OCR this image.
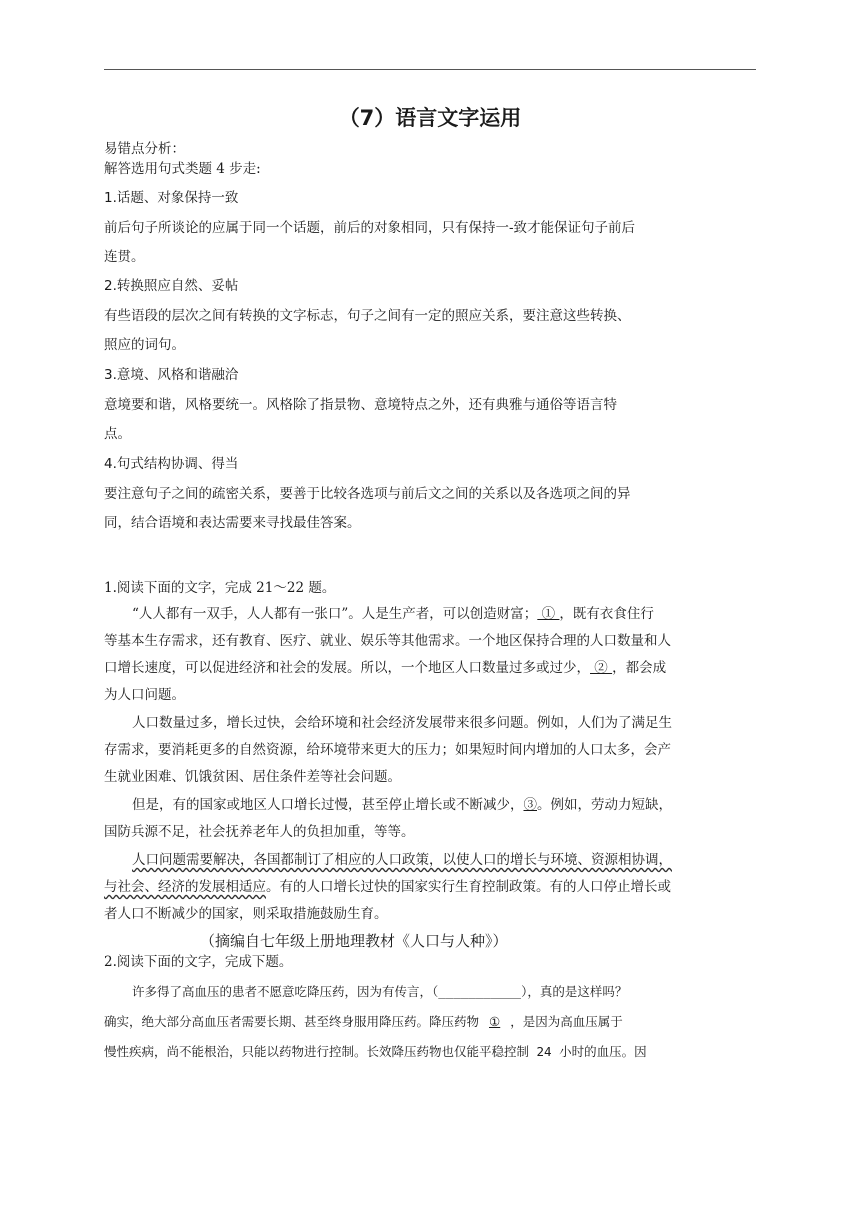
（7）语言文字运用
易错点分析：
解答选用句式类题 4 步走:
1.话题、对象保持一致
前后句子所谈论的应属于同一个话题，前后的对象相同，只有保持一-致才能保证句子前后
连贯。
2.转换照应自然、妥帖
有些语段的层次之间有转换的文字标志，句子之间有一定的照应关系，要注意这些转换、
照应的词句。
3.意境、风格和谐融洽
意境要和谐，风格要统一。风格除了指景物、意境特点之外，还有典雅与通俗等语言特
点。
4.句式结构协调、得当
要注意句子之间的疏密关系，要善于比较各选项与前后文之间的关系以及各选项之间的异
同，结合语境和表达需要来寻找最佳答案。
1.阅读下面的文字，完成 21～22 题。
“人人都有一双手，人人都有一张口”。人是生产者，可以创造财富； ① ，既有衣食住行
等基本生存需求，还有教育、医疗、就业、娱乐等其他需求。一个地区保持合理的人口数量和人
口增长速度，可以促进经济和社会的发展。所以，一个地区人口数量过多或过少， ② ，都会成
为人口问题。
人口数量过多，增长过快，会给环境和社会经济发展带来很多问题。例如，人们为了满足生
存需求，要消耗更多的自然资源，给环境带来更大的压力；如果短时间内增加的人口太多，会产
生就业困难、饥饿贫困、居住条件差等社会问题。
但是，有的国家或地区人口增长过慢，甚至停止增长或不断减少，③。例如，劳动力短缺，
国防兵源不足，社会抚养老年人的负担加重，等等。
人口问题需要解决，各国都制订了相应的人口政策，以使人口的增长与环境、资源相协调，
与社会、经济的发展相适应。有的人口增长过快的国家实行生育控制政策。有的人口停止增长或
者人口不断减少的国家，则采取措施鼓励生育。
（摘编自七年级上册地理教材《人口与人种》）
2.阅读下面的文字，完成下题。
许多得了高血压的患者不愿意吃降压药，因为有传言，（___________），真的是这样吗？
确实，绝大部分高血压者需要长期、甚至终身服用降压药。降压药物 ① ，是因为高血压属于
慢性疾病，尚不能根治，只能以药物进行控制。长效降压药物也仅能平稳控制 24 小时的血压。因
